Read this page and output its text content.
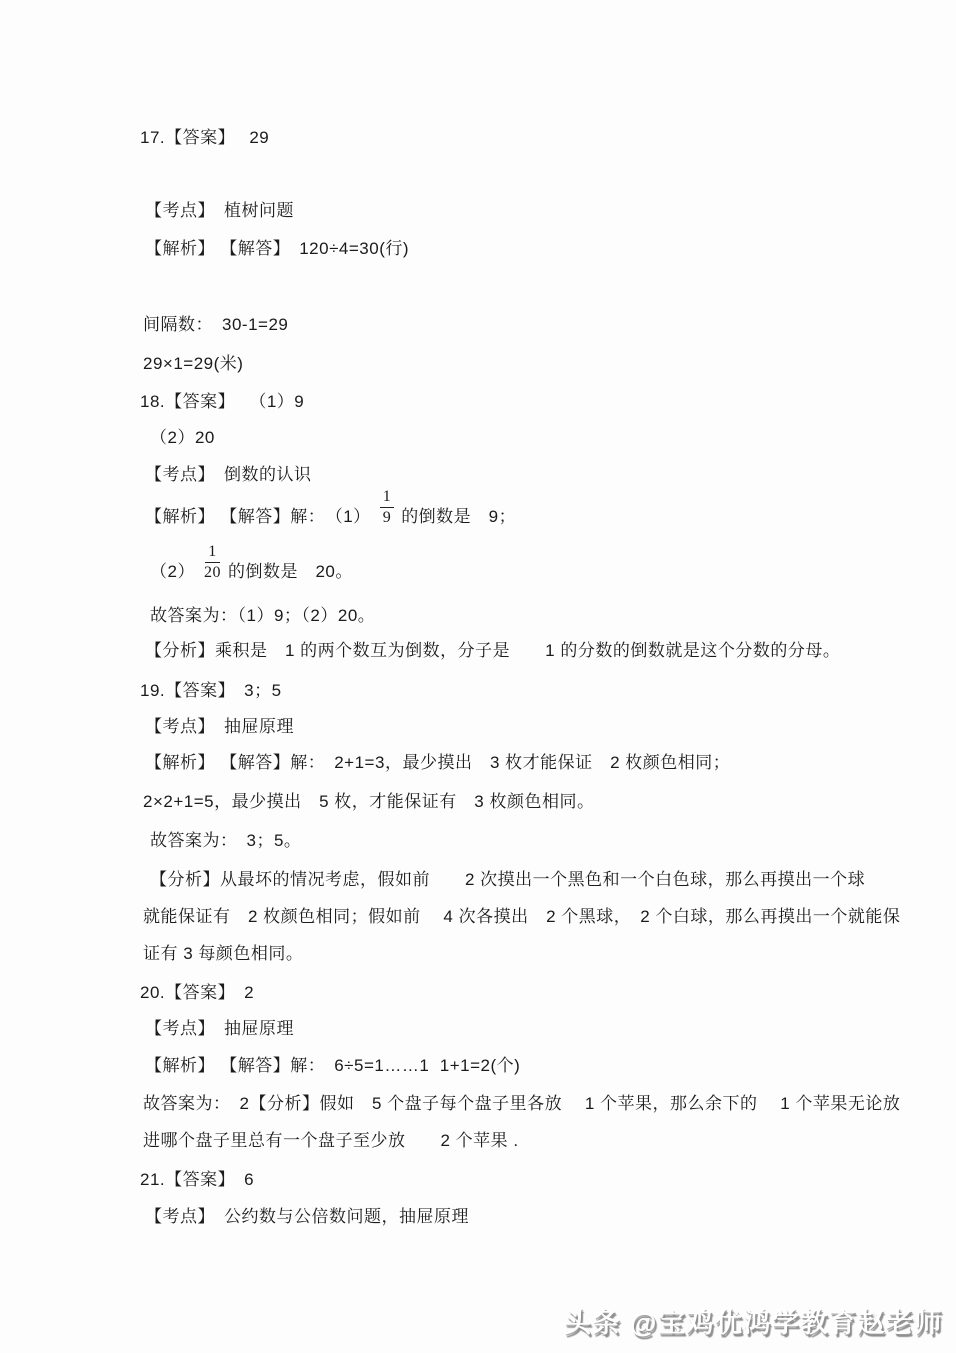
17.【答案】　 29
【考点】　植树问题
【解析】 【解答】　120÷4=30(行)
间隔数：　30-1=29
29×1=29(米)
18.【答案】　 （1）9
（2）20
【考点】　倒数的认识
【解析】 【解答】解：　$(1) \frac{1}{9}$ 的倒数是　9；
$(2) \frac{1}{20}$ 的倒数是　20。
故答案为：（1）9；（2）20。
【分析】乘积是　1 的两个数互为倒数，分子是　　1 的分数的倒数就是这个分数的分母。
19.【答案】　3；5
【考点】　抽屉原理
【解析】 【解答】解：　2+1=3，最少摸出　3 枚才能保证　2 枚颜色相同；
2×2+1=5，最少摸出　5 枚，才能保证有　3 枚颜色相同。
故答案为：　3；5。
【分析】从最坏的情况考虑，假如前　　2 次摸出一个黑色和一个白色球，那么再摸出一个球
就能保证有　2 枚颜色相同；假如前　 4 次各摸出　2 个黑球，　2 个白球，那么再摸出一个就能保
证有 3 每颜色相同。
20.【答案】　2
【考点】　抽屉原理
【解析】 【解答】解：　6÷5=1……1  1+1=2(个)
故答案为：　2【分析】假如　5 个盘子每个盘子里各放　 1 个苹果，那么余下的　 1 个苹果无论放
进哪个盘子里总有一个盘子至少放　　2 个苹果 .
21.【答案】　6
【考点】　公约数与公倍数问题，抽屉原理
头条 @宝鸡优鸿学教育赵老师
